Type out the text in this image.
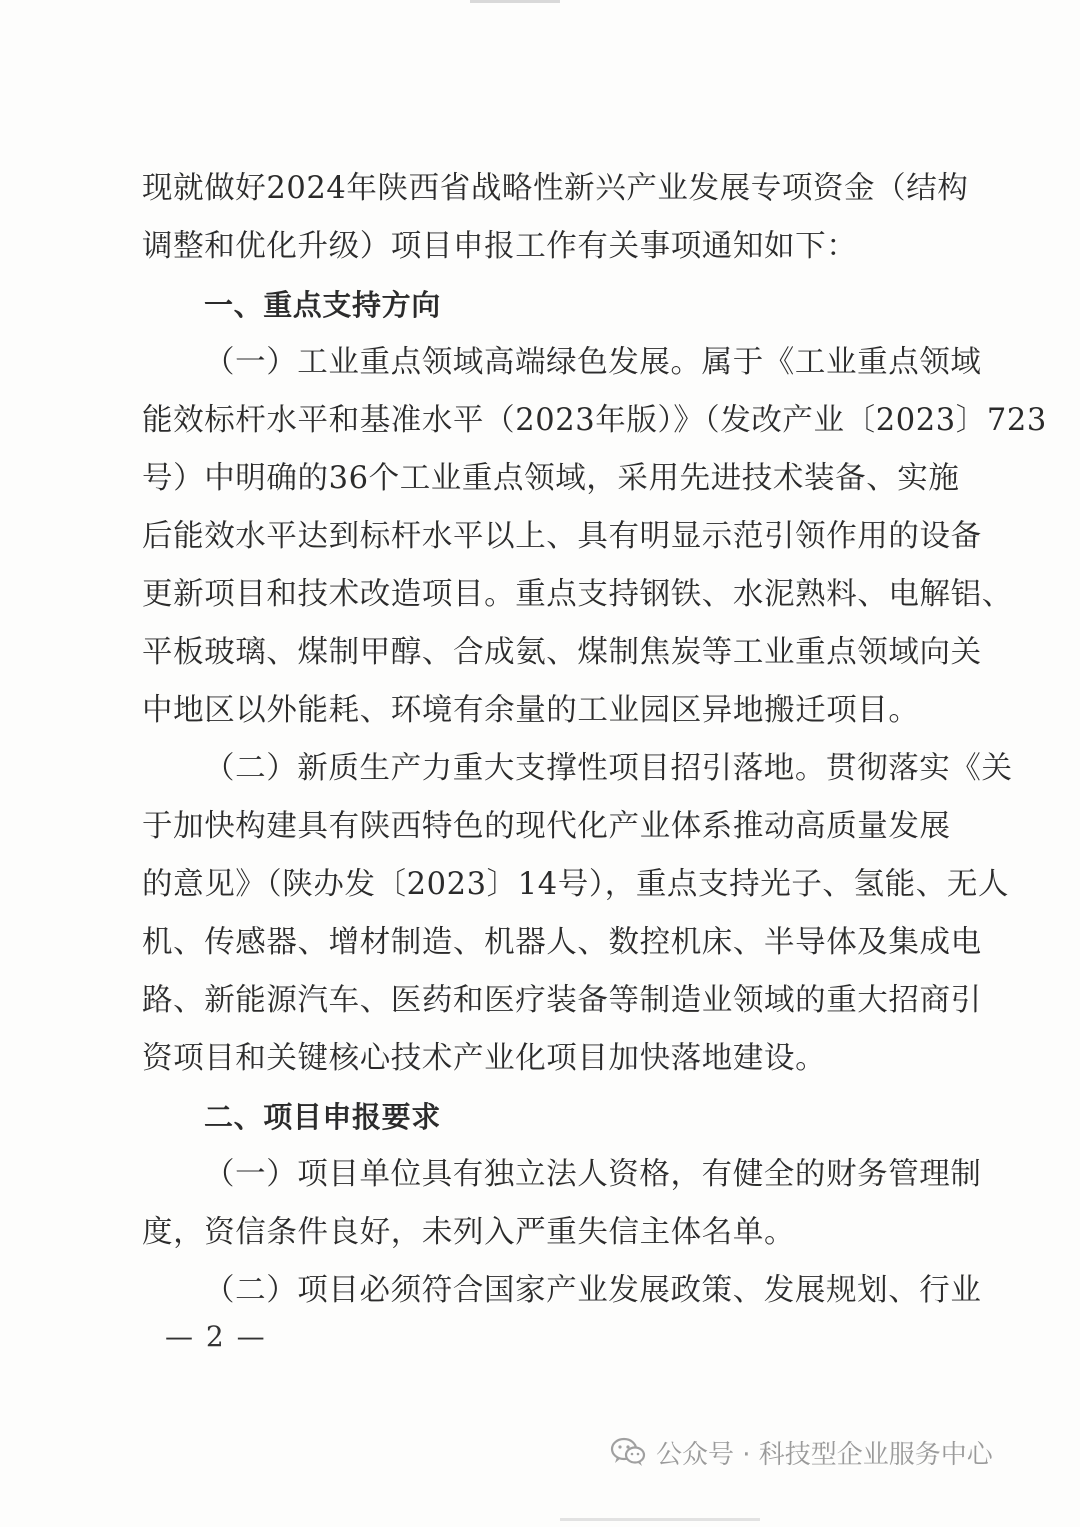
现就做好2024年陕西省战略性新兴产业发展专项资金（结构
调整和优化升级）项目申报工作有关事项通知如下：
一、重点支持方向
（一）工业重点领域高端绿色发展。属于《工业重点领域
能效标杆水平和基准水平（2023年版）》（发改产业〔2023〕723
号）中明确的36个工业重点领域，采用先进技术装备、实施
后能效水平达到标杆水平以上、具有明显示范引领作用的设备
更新项目和技术改造项目。重点支持钢铁、水泥熟料、电解铝、
平板玻璃、煤制甲醇、合成氨、煤制焦炭等工业重点领域向关
中地区以外能耗、环境有余量的工业园区异地搬迁项目。
（二）新质生产力重大支撑性项目招引落地。贯彻落实《关
于加快构建具有陕西特色的现代化产业体系推动高质量发展
的意见》（陕办发〔2023〕14号），重点支持光子、氢能、无人
机、传感器、增材制造、机器人、数控机床、半导体及集成电
路、新能源汽车、医药和医疗装备等制造业领域的重大招商引
资项目和关键核心技术产业化项目加快落地建设。
二、项目申报要求
（一）项目单位具有独立法人资格，有健全的财务管理制
度，资信条件良好，未列入严重失信主体名单。
（二）项目必须符合国家产业发展政策、发展规划、行业
— 2 —
公众号 · 科技型企业服务中心
